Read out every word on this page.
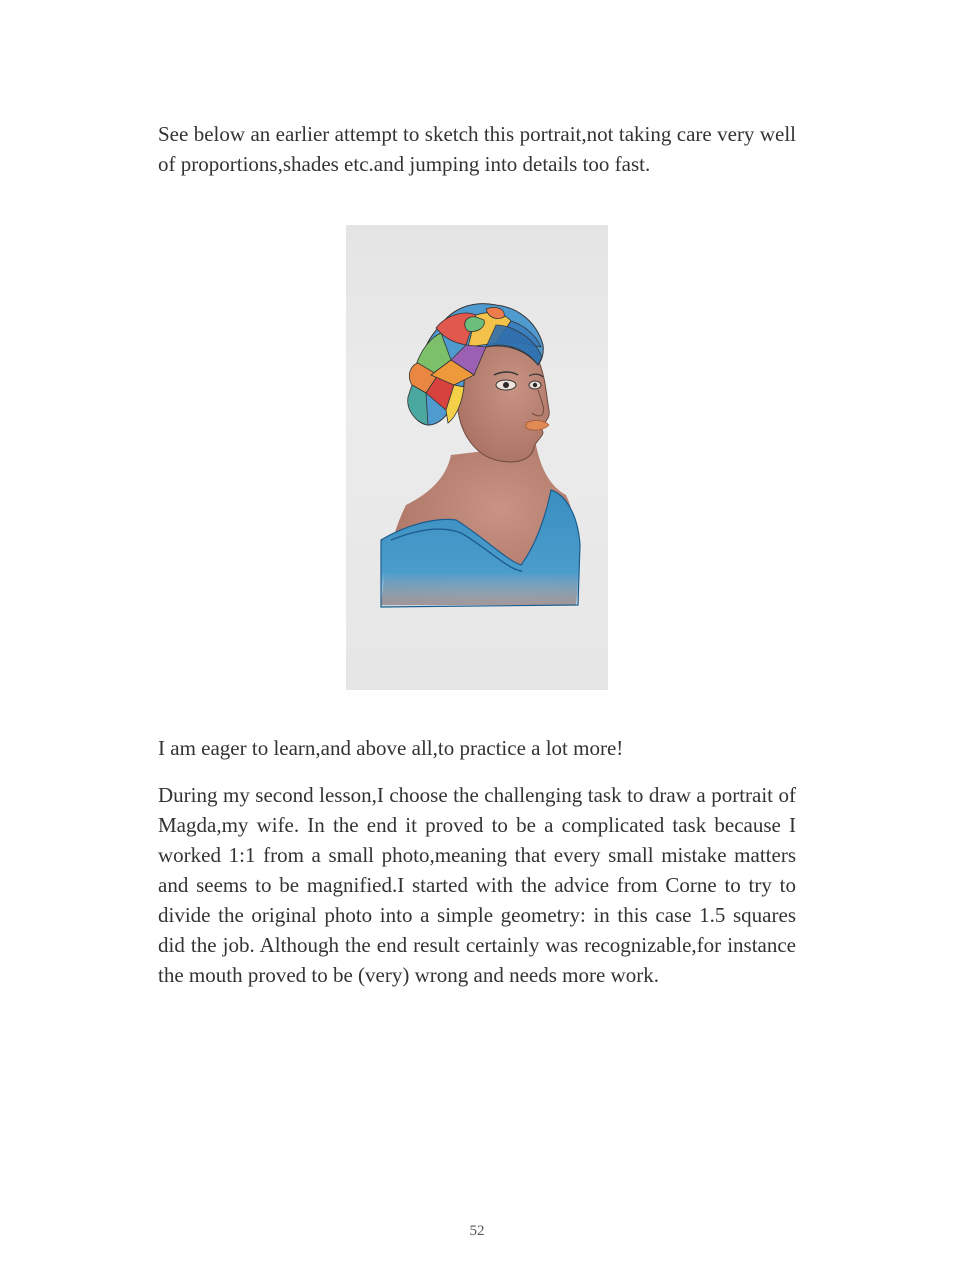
See below an earlier attempt to sketch this portrait,not taking care very well of proportions,shades etc.and jumping into details too fast.

I am eager to learn,and above all,to practice a lot more!

During my second lesson,I choose the challenging task to draw a portrait of Magda,my wife. In the end it proved to be a complicated task because I worked 1:1 from a small photo,meaning that every small mistake matters and seems to be magnified.I started with the advice from Corne to try to divide the original photo into a simple geometry: in this case 1.5 squares did the job. Although the end result certainly was recognizable,for instance the mouth proved to be (very) wrong and needs more work.

52
